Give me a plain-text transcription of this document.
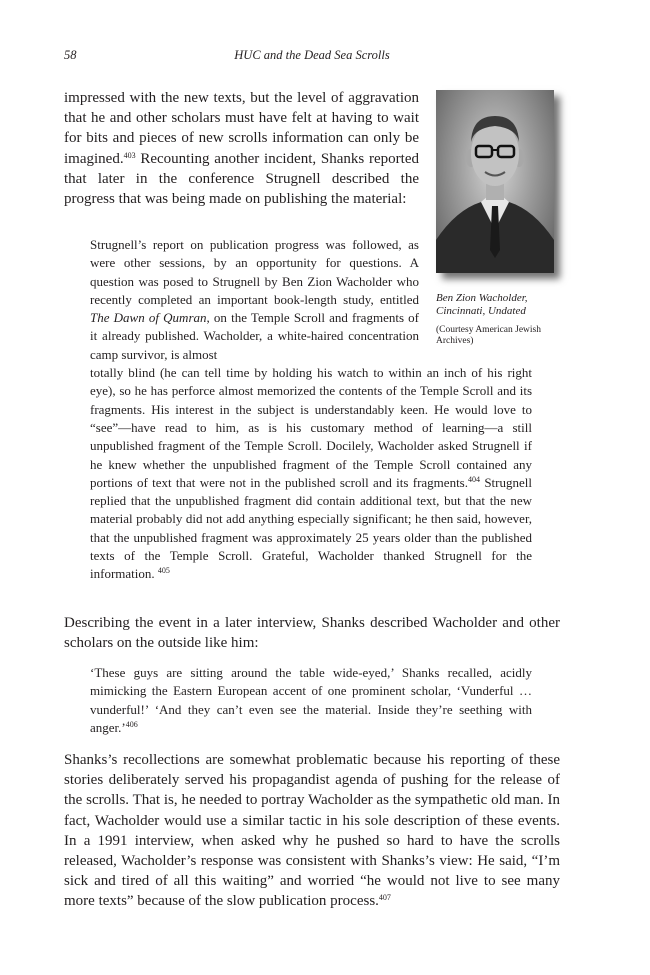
58	HUC and the Dead Sea Scrolls
Ben Zion Wacholder, Cincinnati, Undated
(Courtesy American Jewish Archives)

impressed with the new texts, but the level of aggravation that he and other scholars must have felt at having to wait for bits and pieces of new scrolls information can only be imagined.$^{403}$ Recounting another incident, Shanks reported that later in the conference Strugnell described the progress that was being made on publishing the material:

Strugnell’s report on publication progress was followed, as were other sessions, by an opportunity for questions. A question was posed to Strugnell by Ben Zion Wacholder who recently completed an important book-length study, entitled The Dawn of Qumran, on the Temple Scroll and fragments of it already published. Wacholder, a white-haired concentration camp survivor, is almost
totally blind (he can tell time by holding his watch to within an inch of his right eye), so he has perforce almost memorized the contents of the Temple Scroll and its fragments. His interest in the subject is understandably keen. He would love to “see”—have read to him, as is his customary method of learning—a still unpublished fragment of the Temple Scroll. Docilely, Wacholder asked Strugnell if he knew whether the unpublished fragment of the Temple Scroll contained any portions of text that were not in the published scroll and its fragments.$^{404}$ Strugnell replied that the unpublished fragment did contain additional text, but that the new material probably did not add anything especially significant; he then said, however, that the unpublished fragment was approximately 25 years older than the published texts of the Temple Scroll. Grateful, Wacholder thanked Strugnell for the information. $^{405}$

Describing the event in a later interview, Shanks described Wacholder and other scholars on the outside like him:

‘These guys are sitting around the table wide-eyed,’ Shanks recalled, acidly mimicking the Eastern European accent of one prominent scholar, ‘Vunderful … vunderful!’ ‘And they can’t even see the material. Inside they’re seething with anger.’$^{406}$

Shanks’s recollections are somewhat problematic because his reporting of these stories deliberately served his propagandist agenda of pushing for the release of the scrolls. That is, he needed to portray Wacholder as the sympathetic old man. In fact, Wacholder would use a similar tactic in his sole description of these events. In a 1991 interview, when asked why he pushed so hard to have the scrolls released, Wacholder’s response was consistent with Shanks’s view: He said, “I’m sick and tired of all this waiting” and worried “he would not live to see many more texts” because of the slow publication process.$^{407}$
